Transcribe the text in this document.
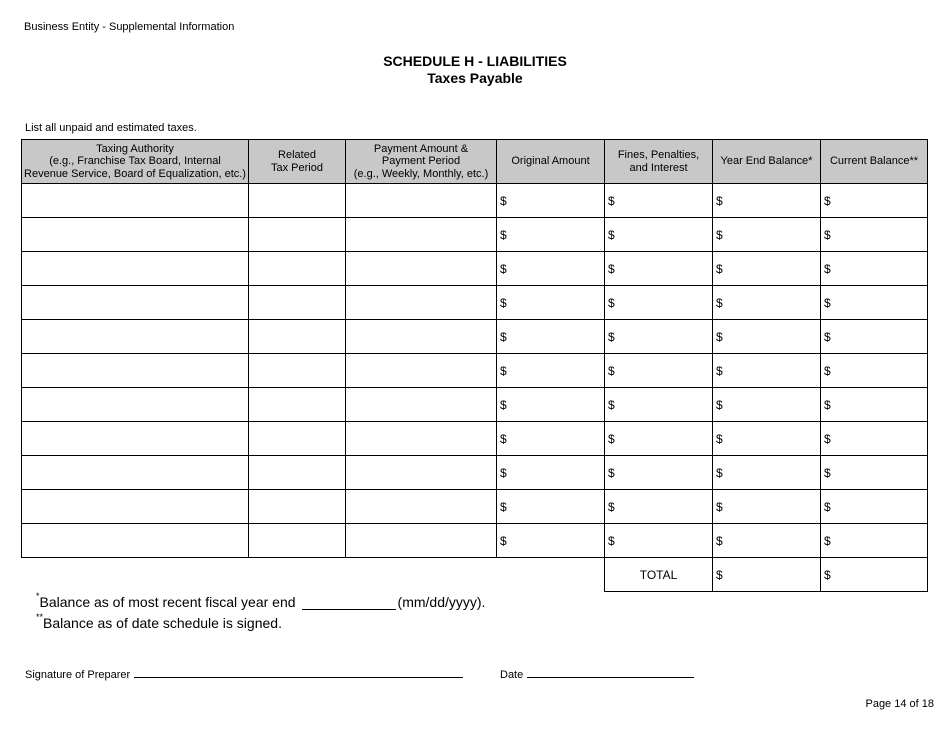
Business Entity - Supplemental Information
SCHEDULE H - LIABILITIES
Taxes Payable
List all unpaid and estimated taxes.
Taxing Authority
(e.g., Franchise Tax Board, Internal
Revenue Service, Board of Equalization, etc.)	Related
Tax Period	Payment Amount &
Payment Period
(e.g., Weekly, Monthly, etc.)	Original Amount	Fines, Penalties,
and Interest	Year End Balance*	Current Balance**
			$	$	$	$
			$	$	$	$
			$	$	$	$
			$	$	$	$
			$	$	$	$
			$	$	$	$
			$	$	$	$
			$	$	$	$
			$	$	$	$
			$	$	$	$
			$	$	$	$
				TOTAL	$	$
*Balance as of most recent fiscal year end	(mm/dd/yyyy).
**Balance as of date schedule is signed.
Signature of Preparer	Date
Page 14 of 18
